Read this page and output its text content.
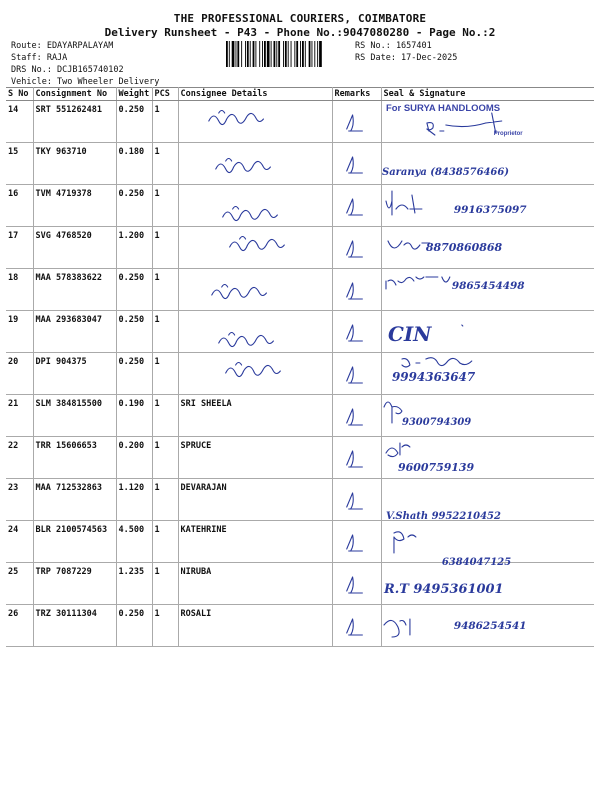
THE PROFESSIONAL COURIERS, COIMBATORE
Delivery Runsheet - P43 - Phone No.:9047080280 - Page No.:2
Route: EDAYARPALAYAM
Staff: RAJA
DRS No.: DCJB165740102
Vehicle: Two Wheeler Delivery
RS No.: 1657401
RS Date: 17-Dec-2025
S No	Consignment No	Weight	PCS	Consignee Details	Remarks	Seal & Signature
14	SRT 551262481	0.250	1			For SURYA HANDLOOMS
Proprietor

15	TKY 963710	0.180	1			Saranya (8438576466)

16	TVM 4719378	0.250	1			9916375097

17	SVG 4768520	1.200	1			8870860868

18	MAA 578383622	0.250	1			9865454498

19	MAA 293683047	0.250	1			CIN

20	DPI 904375	0.250	1			9994363647

21	SLM 384815500	0.190	1	SRI SHEELA		9300794309

22	TRR 15606653	0.200	1	SPRUCE		9600759139

23	MAA 712532863	1.120	1	DEVARAJAN		V.Shath 9952210452

24	BLR 2100574563	4.500	1	KATEHRINE		6384047125

25	TRP 7087229	1.235	1	NIRUBA		R.T 9495361001

26	TRZ 30111304	0.250	1	ROSALI		9486254541
